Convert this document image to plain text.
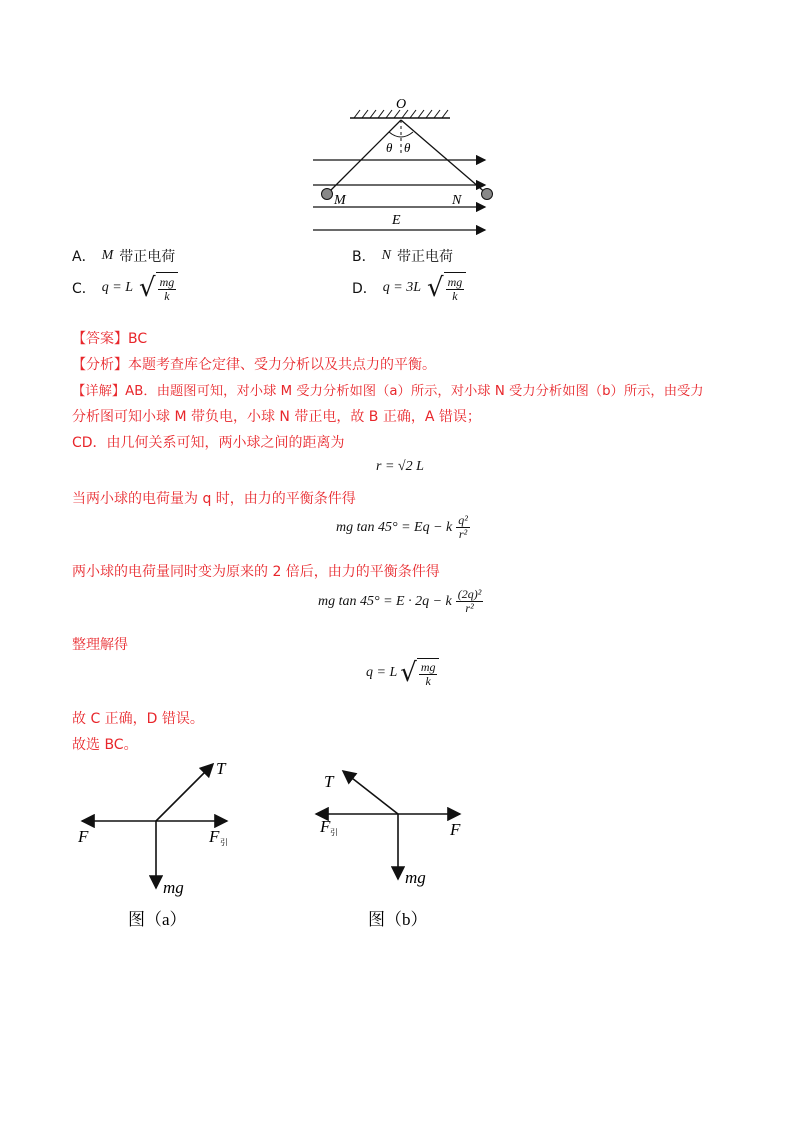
O
θ θ
M	N
E
A． M 带正电荷	B． N 带正电荷
C． q = L √ $\frac{mg}{k}$	D． q = 3L √ $\frac{mg}{k}$
【答案】BC
【分析】本题考查库仑定律、受力分析以及共点力的平衡。
【详解】AB．由题图可知，对小球 M 受力分析如图（a）所示，对小球 N 受力分析如图（b）所示，由受力
分析图可知小球 M 带负电，小球 N 带正电，故 B 正确，A 错误；
CD．由几何关系可知，两小球之间的距离为
r = √2 L
当两小球的电荷量为 q 时，由力的平衡条件得
mg tan 45° = Eq − k $\frac{\text{q²}}{\text{r²}}$
两小球的电荷量同时变为原来的 2 倍后，由力的平衡条件得
mg tan 45° = E · 2q − k $\frac{\text{(2q)²}}{\text{r²}}$
整理解得
q = L √ $\frac{mg}{k}$
故 C 正确，D 错误。
故选 BC。
T
F	F 引
mg
图（a）
T
F 引	F
mg
图（b）
